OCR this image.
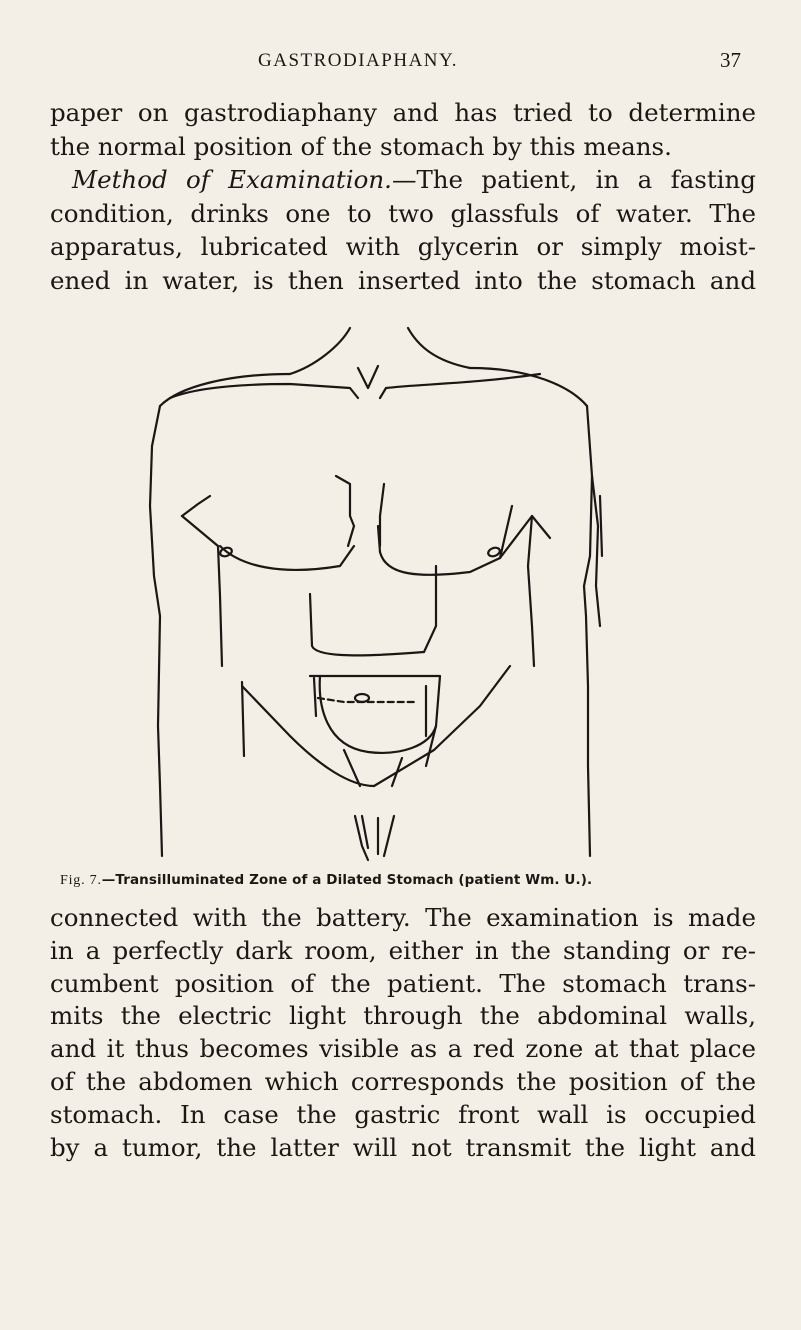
GASTRODIAPHANY.	37
paper on gastrodiaphany and has tried to determine
the normal position of the stomach by this means.
Method of Examination.—The patient, in a fasting
condition, drinks one to two glassfuls of water. The
apparatus, lubricated with glycerin or simply moist-
ened in water, is then inserted into the stomach and
Fig. 7.—Transilluminated Zone of a Dilated Stomach (patient Wm. U.).
connected with the battery. The examination is made
in a perfectly dark room, either in the standing or re-
cumbent position of the patient. The stomach trans-
mits the electric light through the abdominal walls,
and it thus becomes visible as a red zone at that place
of the abdomen which corresponds the position of the
stomach. In case the gastric front wall is occupied
by a tumor, the latter will not transmit the light and
